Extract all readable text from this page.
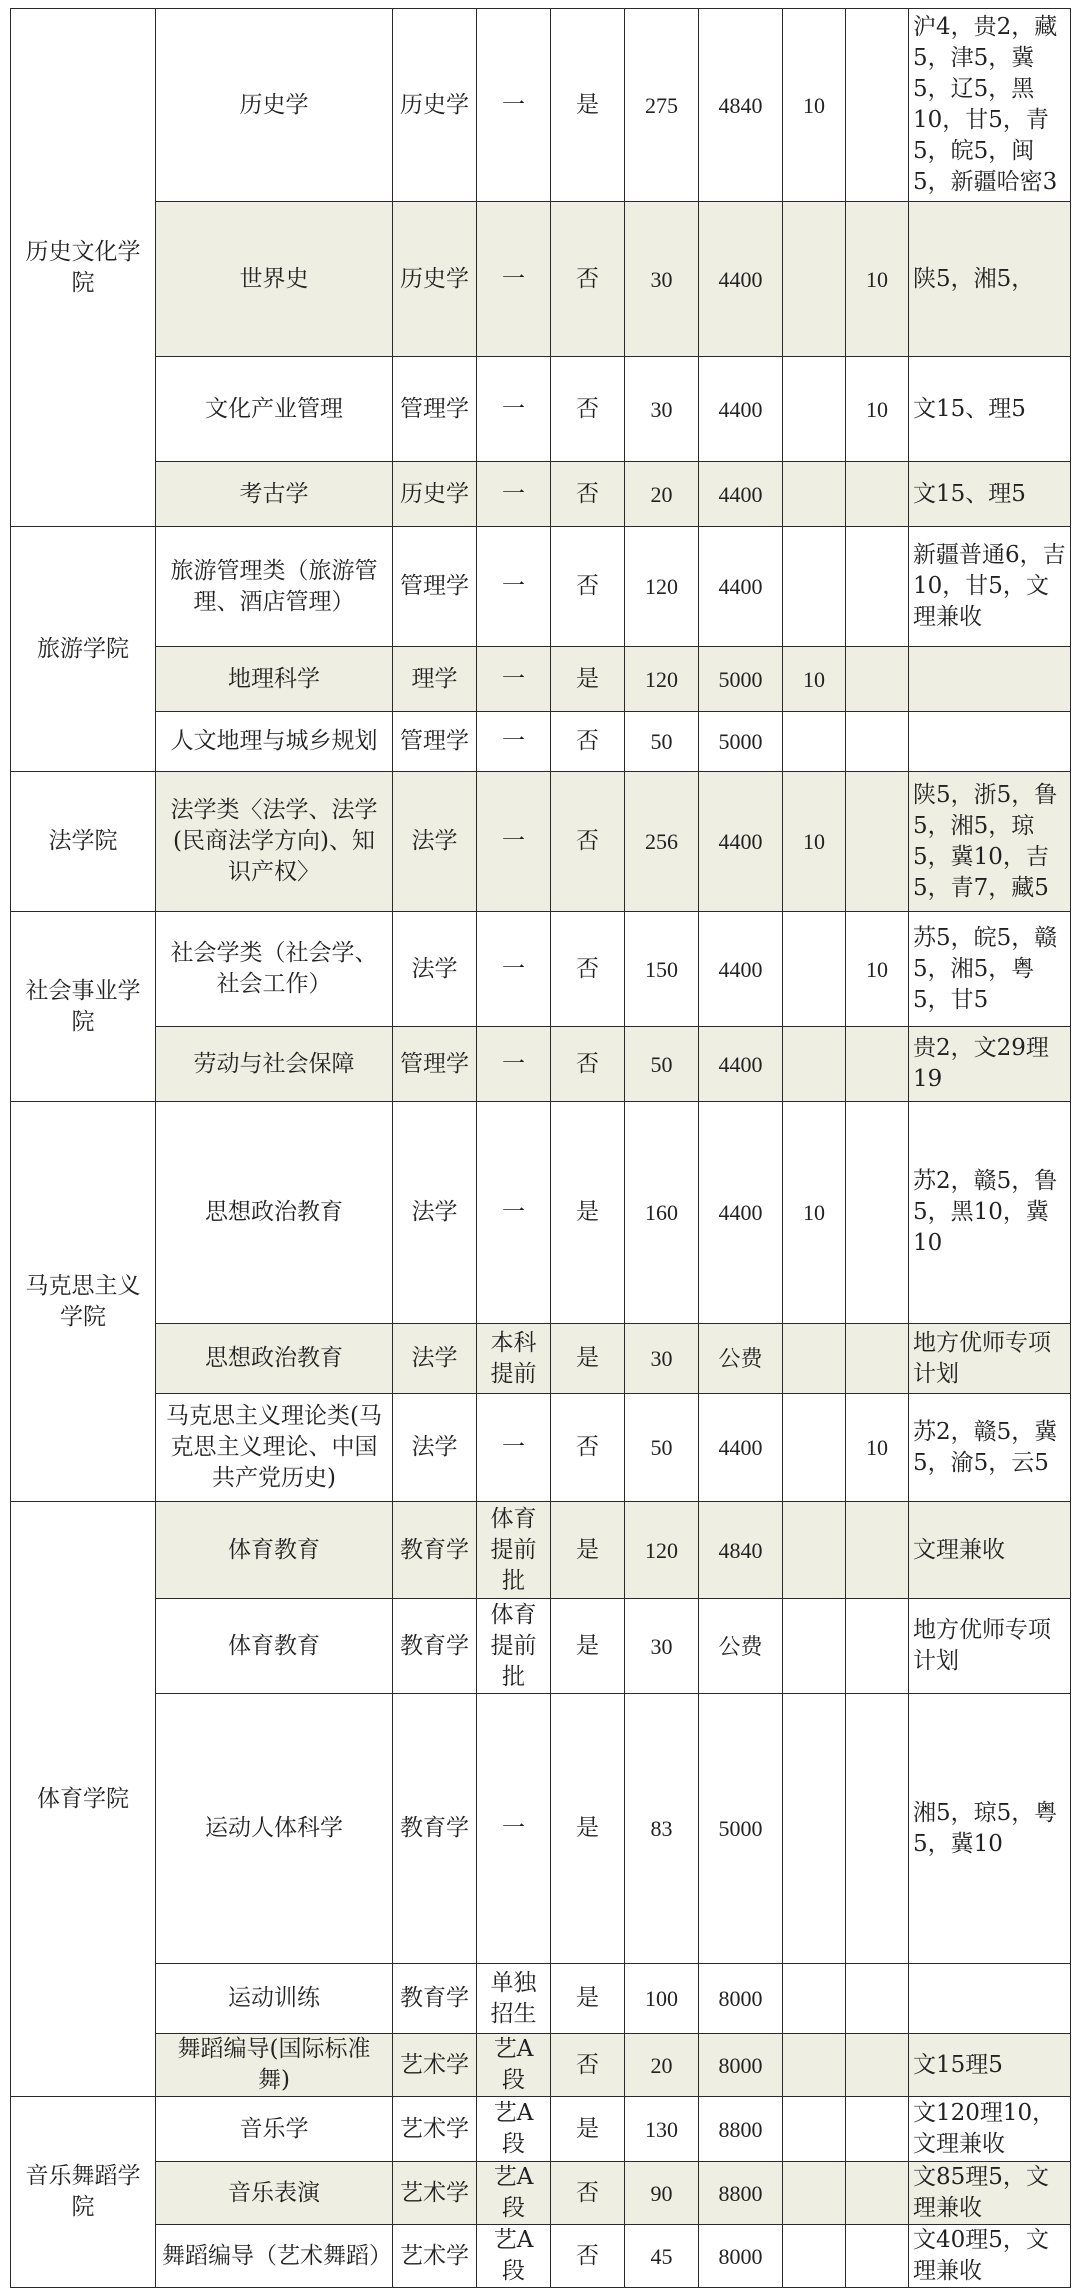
历史文化学院	历史学	历史学	一	是	275	4840	10		沪4，贵2，藏5，津5，冀5，辽5，黑10，甘5，青5，皖5，闽5，新疆哈密3
	世界史	历史学	一	否	30	4400		10	陕5，湘5，
	文化产业管理	管理学	一	否	30	4400		10	文15、理5
	考古学	历史学	一	否	20	4400			文15、理5
旅游学院	旅游管理类（旅游管理、酒店管理）	管理学	一	否	120	4400			新疆普通6，吉10，甘5，文理兼收
	地理科学	理学	一	是	120	5000	10		
	人文地理与城乡规划	管理学	一	否	50	5000			
法学院	法学类〈法学、法学(民商法学方向)、知识产权〉	法学	一	否	256	4400	10		陕5，浙5，鲁5，湘5，琼5，冀10，吉5，青7，藏5
社会事业学院	社会学类（社会学、社会工作）	法学	一	否	150	4400		10	苏5，皖5，赣5，湘5，粤5，甘5
	劳动与社会保障	管理学	一	否	50	4400			贵2，文29理19
马克思主义学院	思想政治教育	法学	一	是	160	4400	10		苏2，赣5，鲁5，黑10，冀10
	思想政治教育	法学	本科提前	是	30	公费			地方优师专项计划
	马克思主义理论类(马克思主义理论、中国共产党历史)	法学	一	否	50	4400		10	苏2，赣5，冀5，渝5，云5
体育学院	体育教育	教育学	体育提前批	是	120	4840			文理兼收
	体育教育	教育学	体育提前批	是	30	公费			地方优师专项计划
	运动人体科学	教育学	一	是	83	5000			湘5，琼5，粤5，冀10
	运动训练	教育学	单独招生	是	100	8000			
	舞蹈编导(国际标准舞)	艺术学	艺A段	否	20	8000			文15理5
音乐舞蹈学院	音乐学	艺术学	艺A段	是	130	8800			文120理10，文理兼收
	音乐表演	艺术学	艺A段	否	90	8800			文85理5，文理兼收
	舞蹈编导（艺术舞蹈）	艺术学	艺A段	否	45	8000			文40理5，文理兼收
